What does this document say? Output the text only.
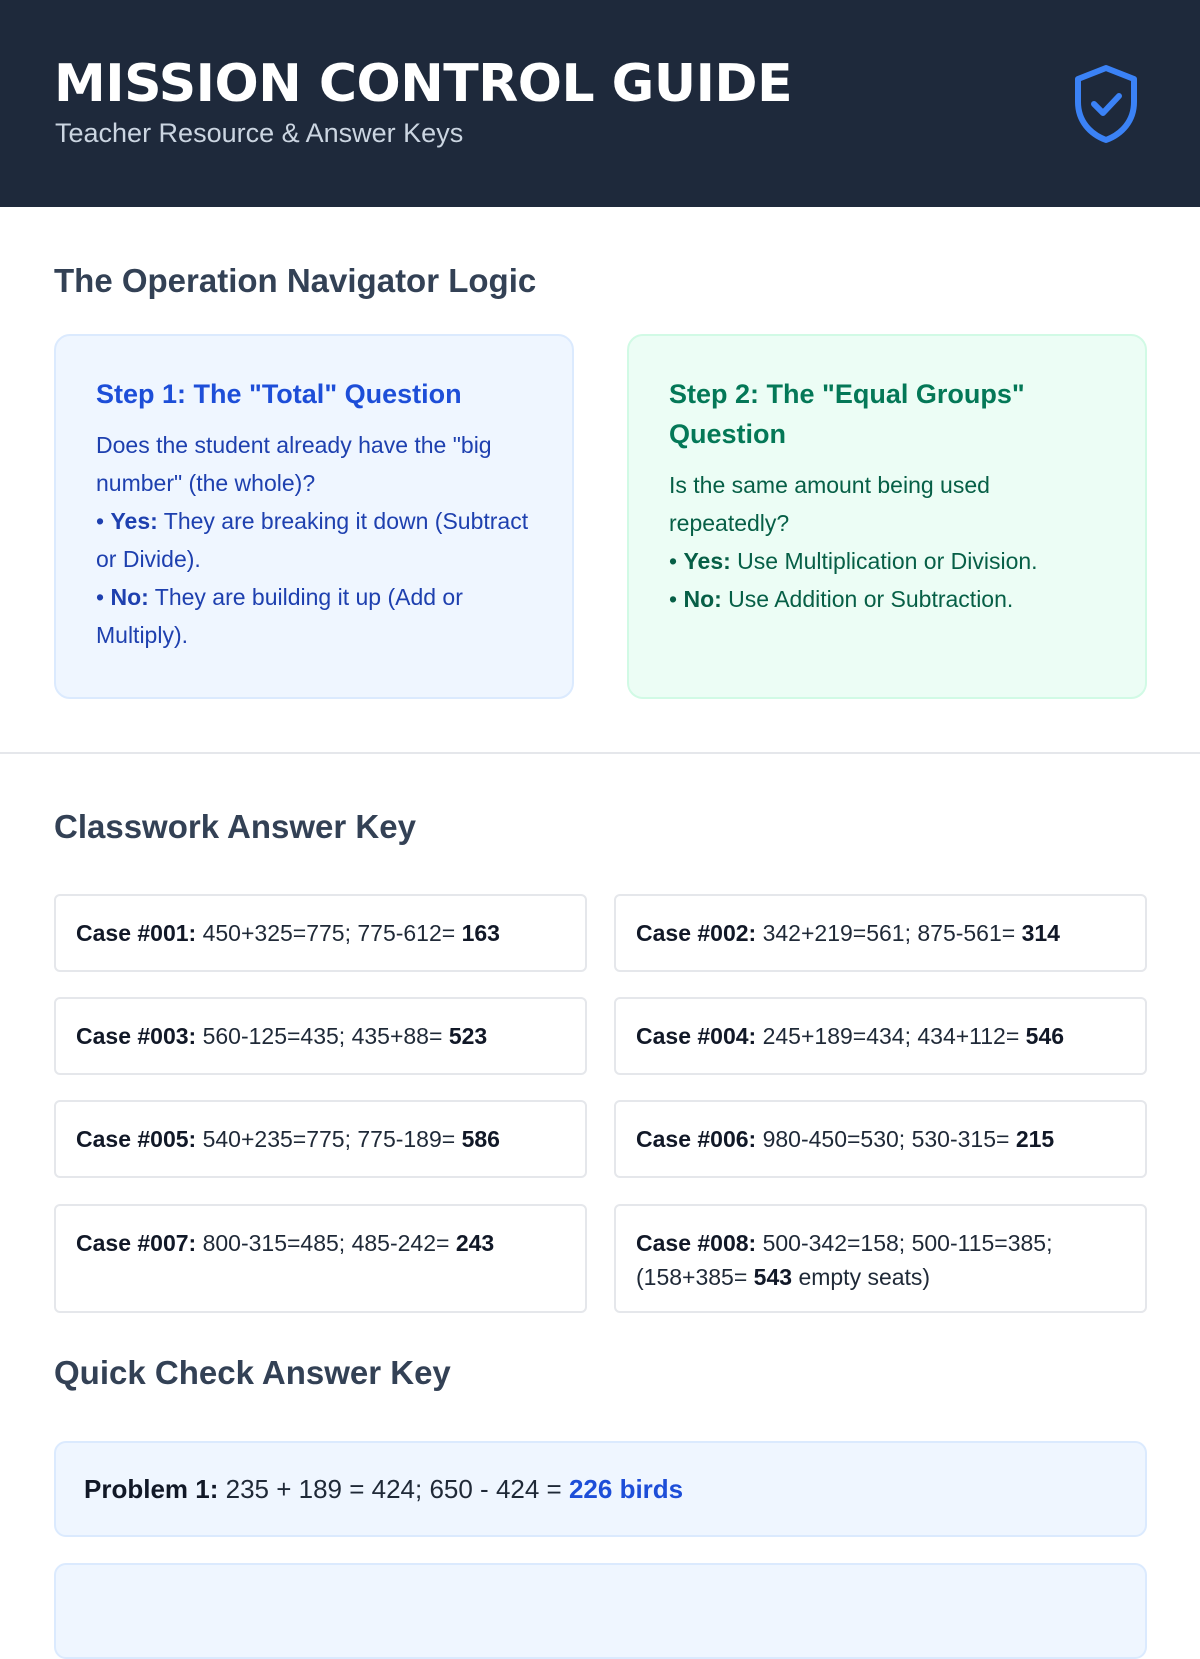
MISSION CONTROL GUIDE
Teacher Resource & Answer Keys
The Operation Navigator Logic
Step 1: The "Total" Question
Does the student already have the "big number" (the whole)?
• Yes: They are breaking it down (Subtract or Divide).
• No: They are building it up (Add or Multiply).
Step 2: The "Equal Groups" Question
Is the same amount being used repeatedly?
• Yes: Use Multiplication or Division.
• No: Use Addition or Subtraction.
Classwork Answer Key
Case #001: 450+325=775; 775-612= 163	Case #002: 342+219=561; 875-561= 314
Case #003: 560-125=435; 435+88= 523	Case #004: 245+189=434; 434+112= 546
Case #005: 540+235=775; 775-189= 586	Case #006: 980-450=530; 530-315= 215
Case #007: 800-315=485; 485-242= 243	Case #008: 500-342=158; 500-115=385; (158+385= 543 empty seats)
Quick Check Answer Key
Problem 1: 235 + 189 = 424; 650 - 424 = 226 birds
